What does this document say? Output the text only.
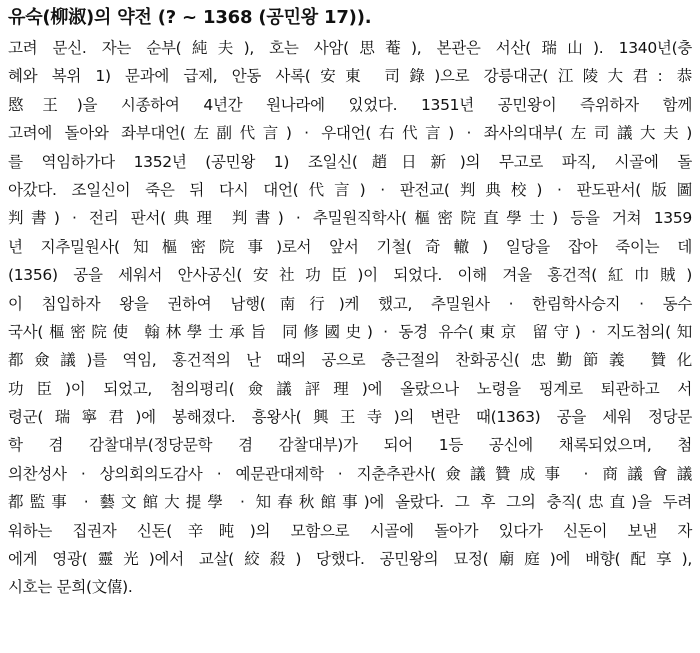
유숙(柳淑)의 약전 (? ~ 1368 (공민왕 17)).
고려 문신. 자는 순부(純夫), 호는 사암(思菴), 본관은 서산(瑞山). 1340년(충
혜와 복위 1) 문과에 급제, 안동 사록(安東 司錄)으로 강릉대군(江陵大君: 恭
愍王)을 시종하여 4년간 원나라에 있었다. 1351년 공민왕이 즉위하자 함께
고려에 돌아와 좌부대언(左副代言) · 우대언(右代言) · 좌사의대부(左司議大夫)
를 역임하가다 1352년 (공민왕 1) 조일신(趙日新)의 무고로 파직, 시골에 돌
아갔다. 조일신이 죽은 뒤 다시 대언(代言) · 판전교(判典校) · 판도판서(版圖
判書) · 전리 판서(典理 判書) · 추밀원직학사(樞密院直學士) 등을 거쳐 1359
년 지추밀원사(知樞密院事)로서 앞서 기철(奇轍) 일당을 잡아 죽이는 데
(1356) 공을 세워서 안사공신(安社功臣)이 되었다. 이해 겨울 홍건적(紅巾賊)
이 침입하자 왕을 권하여 남행(南行)케 했고, 추밀원사 · 한림학사승지 · 동수
국사(樞密院使 翰林學士承旨 同修國史) · 동경 유수(東京 留守) · 지도첨의(知
都僉議)를 역임, 홍건적의 난 때의 공으로 충근절의 찬화공신(忠勤節義 贊化
功臣)이 되었고, 첨의평리(僉議評理)에 올랐으나 노령을 핑계로 퇴관하고 서
령군(瑞寧君)에 봉해졌다. 흥왕사(興王寺)의 변란 때(1363) 공을 세워 정당문
학 겸 감찰대부(정당문학 겸 감찰대부)가 되어 1등 공신에 채록되었으며, 첨
의찬성사 · 상의회의도감사 · 예문관대제학 · 지춘추관사(僉議贊成事 · 商議會議
都監事 · 藝文館大提學 · 知春秋館事)에 올랐다. 그 후 그의 충직(忠直)을 두려
워하는 집권자 신돈(辛旽)의 모함으로 시골에 돌아가 있다가 신돈이 보낸 자
에게 영광(靈光)에서 교살(絞殺) 당했다. 공민왕의 묘정(廟庭)에 배향(配享),
시호는 문희(文僖).
